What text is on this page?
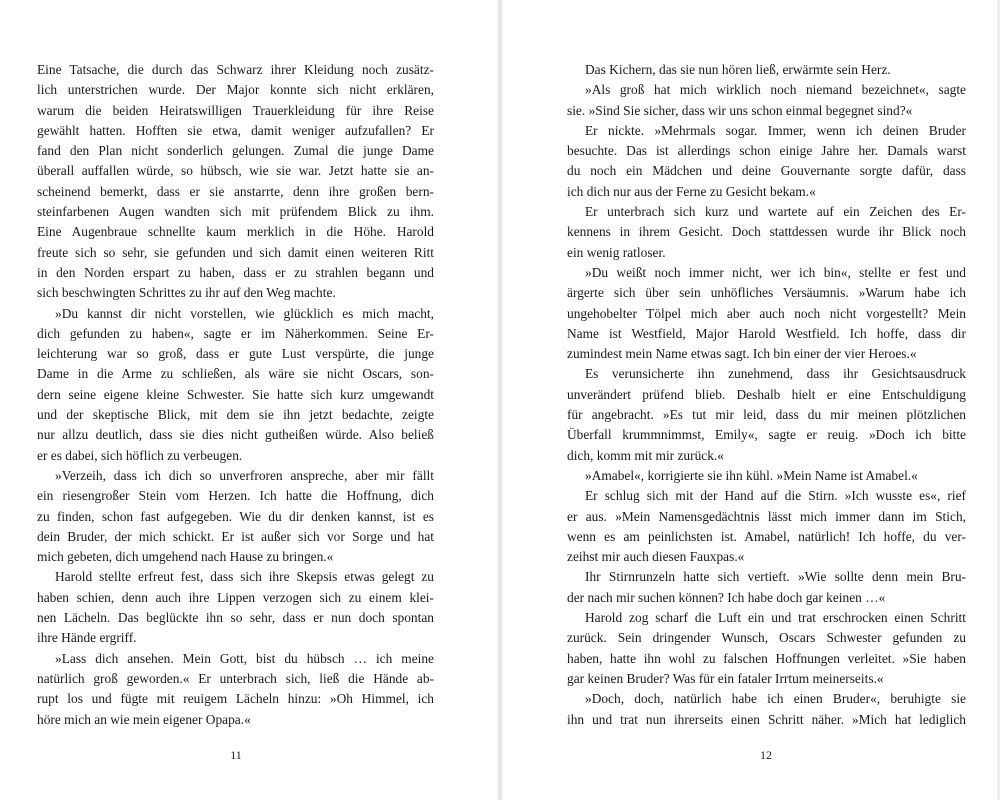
Eine Tatsache, die durch das Schwarz ihrer Kleidung noch zusätz-
lich unterstrichen wurde. Der Major konnte sich nicht erklären,
warum die beiden Heiratswilligen Trauerkleidung für ihre Reise
gewählt hatten. Hofften sie etwa, damit weniger aufzufallen? Er
fand den Plan nicht sonderlich gelungen. Zumal die junge Dame
überall auffallen würde, so hübsch, wie sie war. Jetzt hatte sie an-
scheinend bemerkt, dass er sie anstarrte, denn ihre großen bern-
steinfarbenen Augen wandten sich mit prüfendem Blick zu ihm.
Eine Augenbraue schnellte kaum merklich in die Höhe. Harold
freute sich so sehr, sie gefunden und sich damit einen weiteren Ritt
in den Norden erspart zu haben, dass er zu strahlen begann und
sich beschwingten Schrittes zu ihr auf den Weg machte.
»Du kannst dir nicht vorstellen, wie glücklich es mich macht,
dich gefunden zu haben«, sagte er im Näherkommen. Seine Er-
leichterung war so groß, dass er gute Lust verspürte, die junge
Dame in die Arme zu schließen, als wäre sie nicht Oscars, son-
dern seine eigene kleine Schwester. Sie hatte sich kurz umgewandt
und der skeptische Blick, mit dem sie ihn jetzt bedachte, zeigte
nur allzu deutlich, dass sie dies nicht gutheißen würde. Also beließ
er es dabei, sich höflich zu verbeugen.
»Verzeih, dass ich dich so unverfroren anspreche, aber mir fällt
ein riesengroßer Stein vom Herzen. Ich hatte die Hoffnung, dich
zu finden, schon fast aufgegeben. Wie du dir denken kannst, ist es
dein Bruder, der mich schickt. Er ist außer sich vor Sorge und hat
mich gebeten, dich umgehend nach Hause zu bringen.«
Harold stellte erfreut fest, dass sich ihre Skepsis etwas gelegt zu
haben schien, denn auch ihre Lippen verzogen sich zu einem klei-
nen Lächeln. Das beglückte ihn so sehr, dass er nun doch spontan
ihre Hände ergriff.
»Lass dich ansehen. Mein Gott, bist du hübsch … ich meine
natürlich groß geworden.« Er unterbrach sich, ließ die Hände ab-
rupt los und fügte mit reuigem Lächeln hinzu: »Oh Himmel, ich
höre mich an wie mein eigener Opapa.«
Das Kichern, das sie nun hören ließ, erwärmte sein Herz.
»Als groß hat mich wirklich noch niemand bezeichnet«, sagte
sie. »Sind Sie sicher, dass wir uns schon einmal begegnet sind?«
Er nickte. »Mehrmals sogar. Immer, wenn ich deinen Bruder
besuchte. Das ist allerdings schon einige Jahre her. Damals warst
du noch ein Mädchen und deine Gouvernante sorgte dafür, dass
ich dich nur aus der Ferne zu Gesicht bekam.«
Er unterbrach sich kurz und wartete auf ein Zeichen des Er-
kennens in ihrem Gesicht. Doch stattdessen wurde ihr Blick noch
ein wenig ratloser.
»Du weißt noch immer nicht, wer ich bin«, stellte er fest und
ärgerte sich über sein unhöfliches Versäumnis. »Warum habe ich
ungehobelter Tölpel mich aber auch noch nicht vorgestellt? Mein
Name ist Westfield, Major Harold Westfield. Ich hoffe, dass dir
zumindest mein Name etwas sagt. Ich bin einer der vier Heroes.«
Es verunsicherte ihn zunehmend, dass ihr Gesichtsausdruck
unverändert prüfend blieb. Deshalb hielt er eine Entschuldigung
für angebracht. »Es tut mir leid, dass du mir meinen plötzlichen
Überfall krummnimmst, Emily«, sagte er reuig. »Doch ich bitte
dich, komm mit mir zurück.«
»Amabel«, korrigierte sie ihn kühl. »Mein Name ist Amabel.«
Er schlug sich mit der Hand auf die Stirn. »Ich wusste es«, rief
er aus. »Mein Namensgedächtnis lässt mich immer dann im Stich,
wenn es am peinlichsten ist. Amabel, natürlich! Ich hoffe, du ver-
zeihst mir auch diesen Fauxpas.«
Ihr Stirnrunzeln hatte sich vertieft. »Wie sollte denn mein Bru-
der nach mir suchen können? Ich habe doch gar keinen …«
Harold zog scharf die Luft ein und trat erschrocken einen Schritt
zurück. Sein dringender Wunsch, Oscars Schwester gefunden zu
haben, hatte ihn wohl zu falschen Hoffnungen verleitet. »Sie haben
gar keinen Bruder? Was für ein fataler Irrtum meinerseits.«
»Doch, doch, natürlich habe ich einen Bruder«, beruhigte sie
ihn und trat nun ihrerseits einen Schritt näher. »Mich hat lediglich
11	12
